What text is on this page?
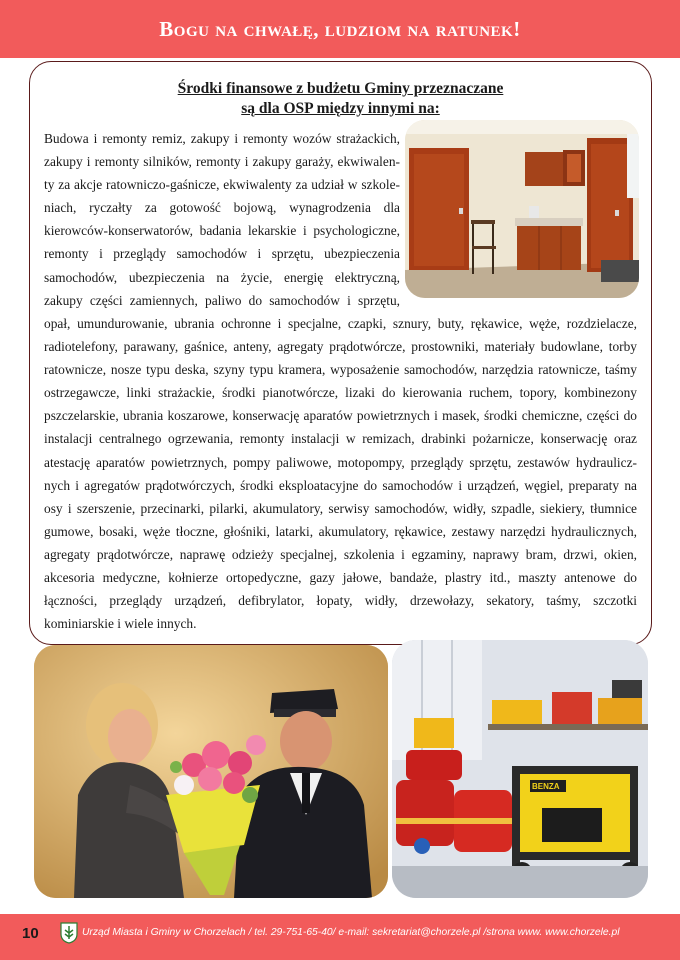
Bogu na chwałę, ludziom na ratunek!
Środki finansowe z budżetu Gminy przeznaczane
są dla OSP między innymi na:
Budowa i remonty remiz, zakupy i remonty wozów strażackich,
zakupy i remonty silników, remonty i zakupy garaży, ekwiwalen-
ty za akcje ratowniczo-gaśnicze, ekwiwalenty za udział w szkole-
niach, ryczałty za gotowość bojową, wynagrodzenia dla
kierowców-konserwatorów, badania lekarskie i psychologiczne,
remonty i przeglądy samochodów i sprzętu, ubezpieczenia
samochodów, ubezpieczenia na życie, energię elektryczną,
zakupy części zamiennych, paliwo do samochodów i sprzętu,
opał, umundurowanie, ubrania ochronne i specjalne, czapki, sznury, buty, rękawice, węże, rozdzielacze,
radiotelefony, parawany, gaśnice, anteny, agregaty prądotwórcze, prostowniki, materiały budowlane, torby
ratownicze, nosze typu deska, szyny typu kramera, wyposażenie samochodów, narzędzia ratownicze, taśmy
ostrzegawcze, linki strażackie, środki pianotwórcze, lizaki do kierowania ruchem, topory, kombinezony
pszczelarskie, ubrania koszarowe, konserwację aparatów powietrznych i masek, środki chemiczne, części do
instalacji centralnego ogrzewania, remonty instalacji w remizach, drabinki pożarnicze, konserwację oraz
atestację aparatów powietrznych, pompy paliwowe, motopompy, przeglądy sprzętu, zestawów hydraulicz-
nych i agregatów prądotwórczych, środki eksploatacyjne do samochodów i urządzeń, węgiel, preparaty na
osy i szerszenie, przecinarki, pilarki, akumulatory, serwisy samochodów, widły, szpadle, siekiery, tłumnice
gumowe, bosaki, węże tłoczne, głośniki, latarki, akumulatory, rękawice, zestawy narzędzi hydraulicznych,
agregaty prądotwórcze, naprawę odzieży specjalnej, szkolenia i egzaminy, naprawy bram, drzwi, okien,
akcesoria medyczne, kołnierze ortopedyczne, gazy jałowe, bandaże, plastry itd., maszty antenowe do
łączności, przeglądy urządzeń, defibrylator, łopaty, widły, drzewołazy, sekatory, taśmy, szczotki
kominiarskie i wiele innych.
BENZA
10	Urząd Miasta i Gminy w Chorzelach / tel. 29-751-65-40/ e-mail: sekretariat@chorzele.pl /strona www. www.chorzele.pl
